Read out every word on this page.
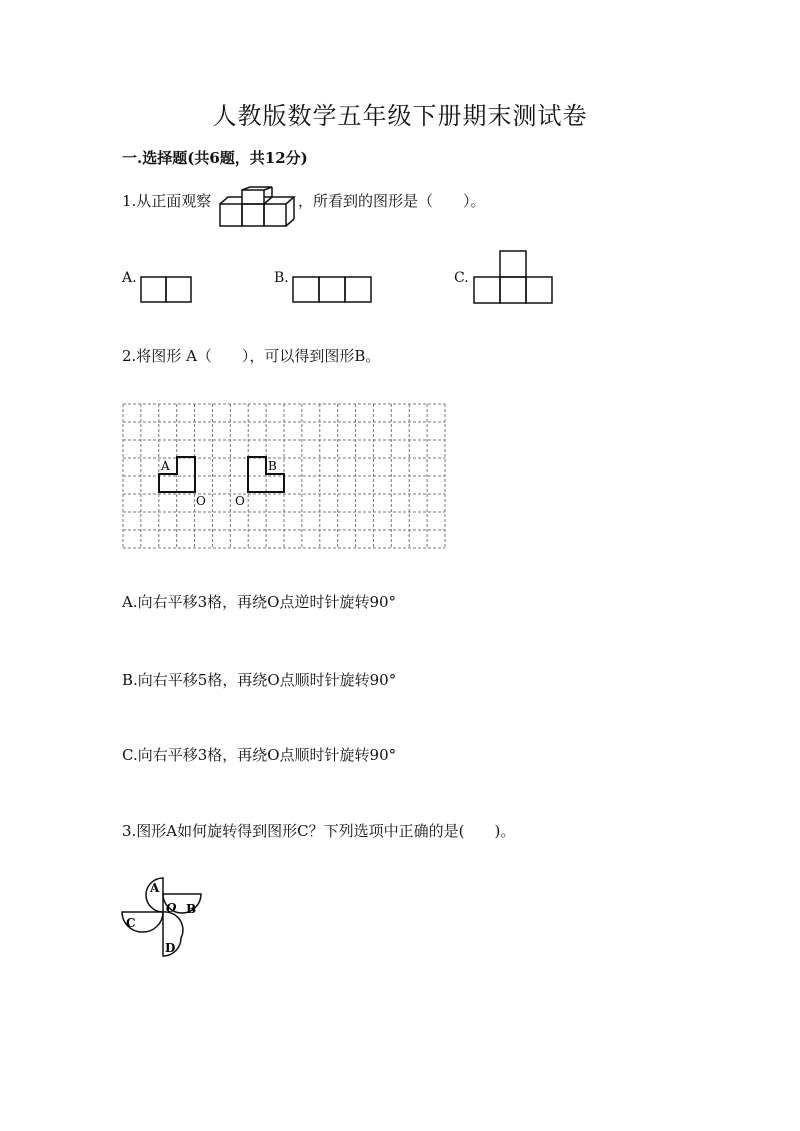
人教版数学五年级下册期末测试卷
一.选择题(共6题，共12分)
1.从正面观察	，所看到的图形是（　　）。
A.	B.	C.
2.将图形 A（　　），可以得到图形B。
A	B
O O
A.向右平移3格，再绕O点逆时针旋转90°
B.向右平移5格，再绕O点顺时针旋转90°
C.向右平移3格，再绕O点顺时针旋转90°
3.图形A如何旋转得到图形C？下列选项中正确的是(　　)。
A
O B
C
D
